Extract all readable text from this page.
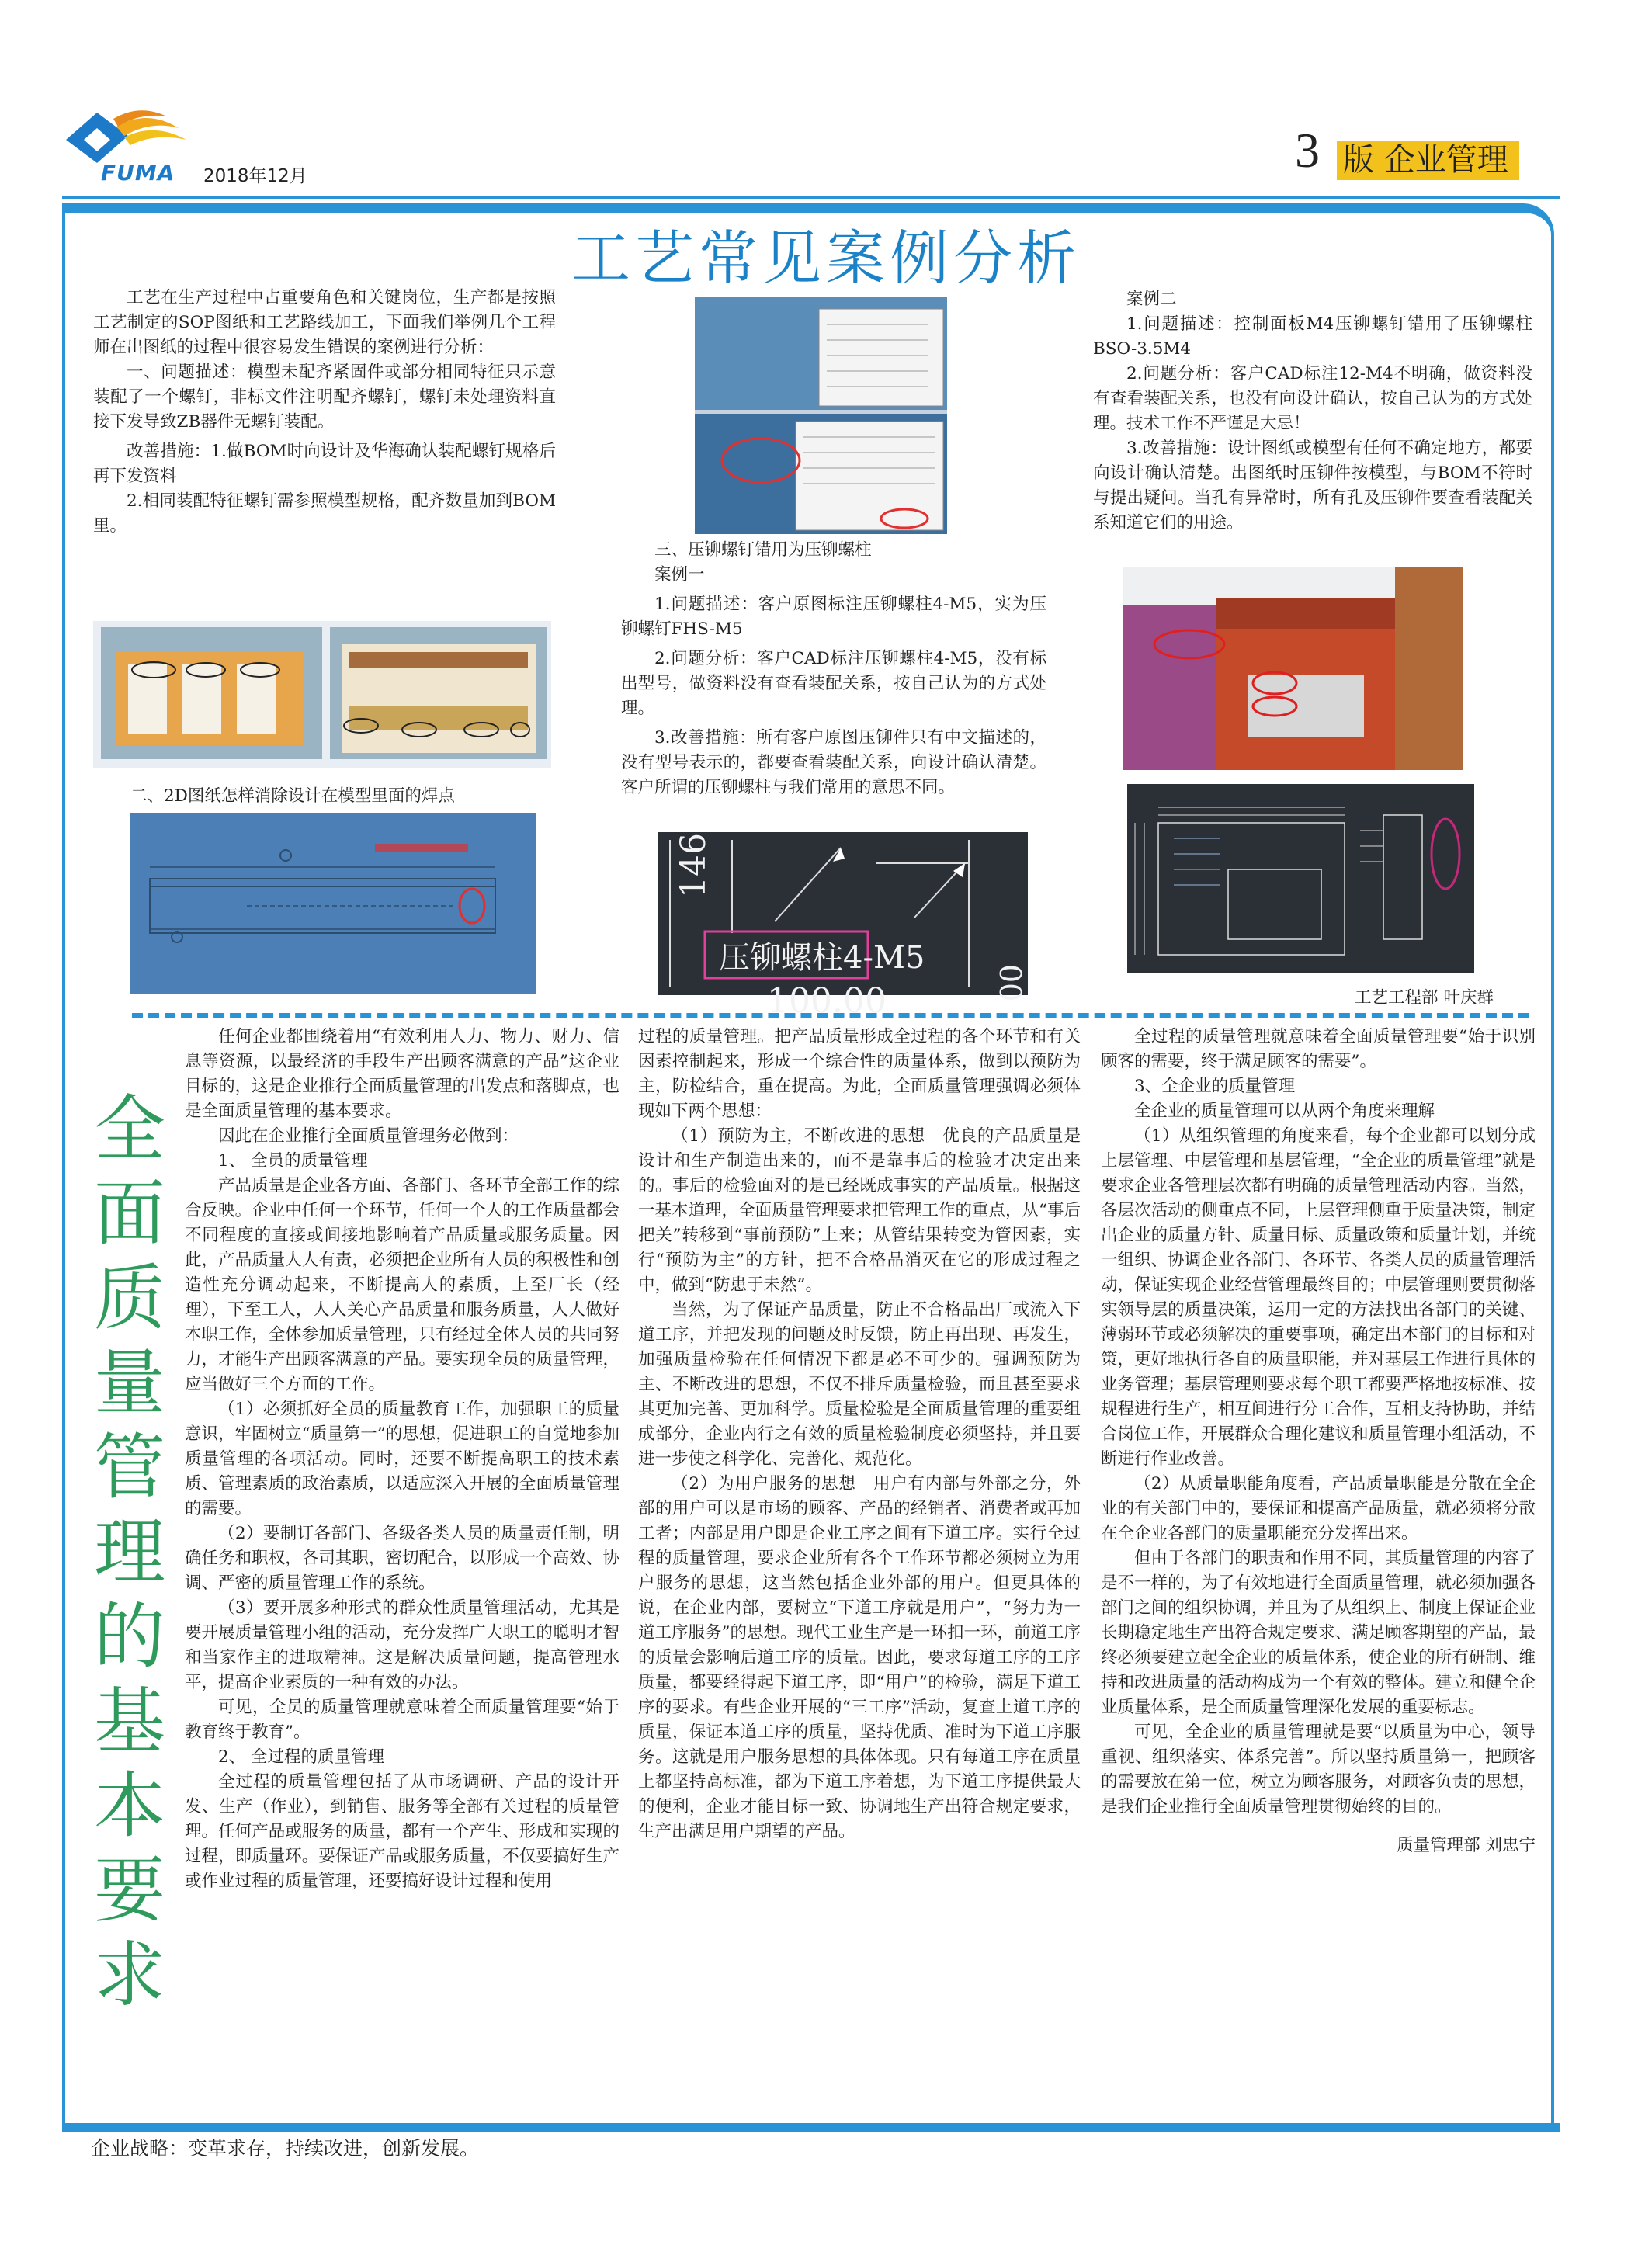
FUMA 2018年12月	3 版 企业管理
工艺常见案例分析

工艺在生产过程中占重要角色和关键岗位，生产都是按照工艺制定的SOP图纸和工艺路线加工，下面我们举例几个工程师在出图纸的过程中很容易发生错误的案例进行分析：

一、问题描述：模型未配齐紧固件或部分相同特征只示意装配了一个螺钉，非标文件注明配齐螺钉，螺钉未处理资料直接下发导致ZB器件无螺钉装配。

改善措施：1.做BOM时向设计及华海确认装配螺钉规格后再下发资料

2.相同装配特征螺钉需参照模型规格，配齐数量加到BOM里。

二、2D图纸怎样消除设计在模型里面的焊点

三、压铆螺钉错用为压铆螺柱

案例一

1.问题描述：客户原图标注压铆螺柱4-M5，实为压铆螺钉FHS-M5

2.问题分析：客户CAD标注压铆螺柱4-M5，没有标出型号，做资料没有查看装配关系，按自己认为的方式处理。

3.改善措施：所有客户原图压铆件只有中文描述的，没有型号表示的，都要查看装配关系，向设计确认清楚。客户所谓的压铆螺柱与我们常用的意思不同。

压铆螺柱4-M5
146
100.00	00

案例二

1.问题描述：控制面板M4压铆螺钉错用了压铆螺柱BSO-3.5M4

2.问题分析：客户CAD标注12-M4不明确，做资料没有查看装配关系，也没有向设计确认，按自己认为的方式处理。技术工作不严谨是大忌！

3.改善措施：设计图纸或模型有任何不确定地方，都要向设计确认清楚。出图纸时压铆件按模型，与BOM不符时与提出疑问。当孔有异常时，所有孔及压铆件要查看装配关系知道它们的用途。

工艺工程部 叶庆群
全
面
质
量
管
理
的
基
本
要
求

任何企业都围绕着用“有效利用人力、物力、财力、信息等资源，以最经济的手段生产出顾客满意的产品”这企业目标的，这是企业推行全面质量管理的出发点和落脚点，也是全面质量管理的基本要求。

因此在企业推行全面质量管理务必做到：

1、 全员的质量管理

产品质量是企业各方面、各部门、各环节全部工作的综合反映。企业中任何一个环节，任何一个人的工作质量都会不同程度的直接或间接地影响着产品质量或服务质量。因此，产品质量人人有责，必须把企业所有人员的积极性和创造性充分调动起来，不断提高人的素质，上至厂长（经理），下至工人，人人关心产品质量和服务质量，人人做好本职工作，全体参加质量管理，只有经过全体人员的共同努力，才能生产出顾客满意的产品。要实现全员的质量管理，应当做好三个方面的工作。

（1）必须抓好全员的质量教育工作，加强职工的质量意识，牢固树立“质量第一”的思想，促进职工的自觉地参加质量管理的各项活动。同时，还要不断提高职工的技术素质、管理素质的政治素质，以适应深入开展的全面质量管理的需要。

（2）要制订各部门、各级各类人员的质量责任制，明确任务和职权，各司其职，密切配合，以形成一个高效、协调、严密的质量管理工作的系统。

（3）要开展多种形式的群众性质量管理活动，尤其是要开展质量管理小组的活动，充分发挥广大职工的聪明才智和当家作主的进取精神。这是解决质量问题，提高管理水平，提高企业素质的一种有效的办法。

可见，全员的质量管理就意味着全面质量管理要“始于教育终于教育”。

2、 全过程的质量管理

全过程的质量管理包括了从市场调研、产品的设计开发、生产（作业），到销售、服务等全部有关过程的质量管理。任何产品或服务的质量，都有一个产生、形成和实现的过程，即质量环。要保证产品或服务质量，不仅要搞好生产或作业过程的质量管理，还要搞好设计过程和使用

过程的质量管理。把产品质量形成全过程的各个环节和有关因素控制起来，形成一个综合性的质量体系，做到以预防为主，防检结合，重在提高。为此，全面质量管理强调必须体现如下两个思想：

（1）预防为主，不断改进的思想　优良的产品质量是设计和生产制造出来的，而不是靠事后的检验才决定出来的。事后的检验面对的是已经既成事实的产品质量。根据这一基本道理，全面质量管理要求把管理工作的重点，从“事后把关”转移到“事前预防”上来；从管结果转变为管因素，实行“预防为主”的方针，把不合格品消灭在它的形成过程之中，做到“防患于未然”。

当然，为了保证产品质量，防止不合格品出厂或流入下道工序，并把发现的问题及时反馈，防止再出现、再发生，加强质量检验在任何情况下都是必不可少的。强调预防为主、不断改进的思想，不仅不排斥质量检验，而且甚至要求其更加完善、更加科学。质量检验是全面质量管理的重要组成部分，企业内行之有效的质量检验制度必须坚持，并且要进一步使之科学化、完善化、规范化。

（2）为用户服务的思想　用户有内部与外部之分，外部的用户可以是市场的顾客、产品的经销者、消费者或再加工者；内部是用户即是企业工序之间有下道工序。实行全过程的质量管理，要求企业所有各个工作环节都必须树立为用户服务的思想，这当然包括企业外部的用户。但更具体的说，在企业内部，要树立“下道工序就是用户”，“努力为一道工序服务”的思想。现代工业生产是一环扣一环，前道工序的质量会影响后道工序的质量。因此，要求每道工序的工序质量，都要经得起下道工序，即“用户”的检验，满足下道工序的要求。有些企业开展的“三工序”活动，复查上道工序的质量，保证本道工序的质量，坚持优质、准时为下道工序服务。这就是用户服务思想的具体体现。只有每道工序在质量上都坚持高标准，都为下道工序着想，为下道工序提供最大的便利，企业才能目标一致、协调地生产出符合规定要求，生产出满足用户期望的产品。

全过程的质量管理就意味着全面质量管理要“始于识别顾客的需要，终于满足顾客的需要”。

3、全企业的质量管理

全企业的质量管理可以从两个角度来理解

（1）从组织管理的角度来看，每个企业都可以划分成上层管理、中层管理和基层管理，“全企业的质量管理”就是要求企业各管理层次都有明确的质量管理活动内容。当然，各层次活动的侧重点不同，上层管理侧重于质量决策，制定出企业的质量方针、质量目标、质量政策和质量计划，并统一组织、协调企业各部门、各环节、各类人员的质量管理活动，保证实现企业经营管理最终目的；中层管理则要贯彻落实领导层的质量决策，运用一定的方法找出各部门的关键、薄弱环节或必须解决的重要事项，确定出本部门的目标和对策，更好地执行各自的质量职能，并对基层工作进行具体的业务管理；基层管理则要求每个职工都要严格地按标准、按规程进行生产，相互间进行分工合作，互相支持协助，并结合岗位工作，开展群众合理化建议和质量管理小组活动，不断进行作业改善。

（2）从质量职能角度看，产品质量职能是分散在全企业的有关部门中的，要保证和提高产品质量，就必须将分散在全企业各部门的质量职能充分发挥出来。

但由于各部门的职责和作用不同，其质量管理的内容了是不一样的，为了有效地进行全面质量管理，就必须加强各部门之间的组织协调，并且为了从组织上、制度上保证企业长期稳定地生产出符合规定要求、满足顾客期望的产品，最终必须要建立起全企业的质量体系，使企业的所有研制、维持和改进质量的活动构成为一个有效的整体。建立和健全企业质量体系，是全面质量管理深化发展的重要标志。

可见，全企业的质量管理就是要“以质量为中心，领导重视、组织落实、体系完善”。所以坚持质量第一，把顾客的需要放在第一位，树立为顾客服务，对顾客负责的思想，是我们企业推行全面质量管理贯彻始终的目的。

质量管理部 刘忠宁

企业战略：变革求存，持续改进，创新发展。
